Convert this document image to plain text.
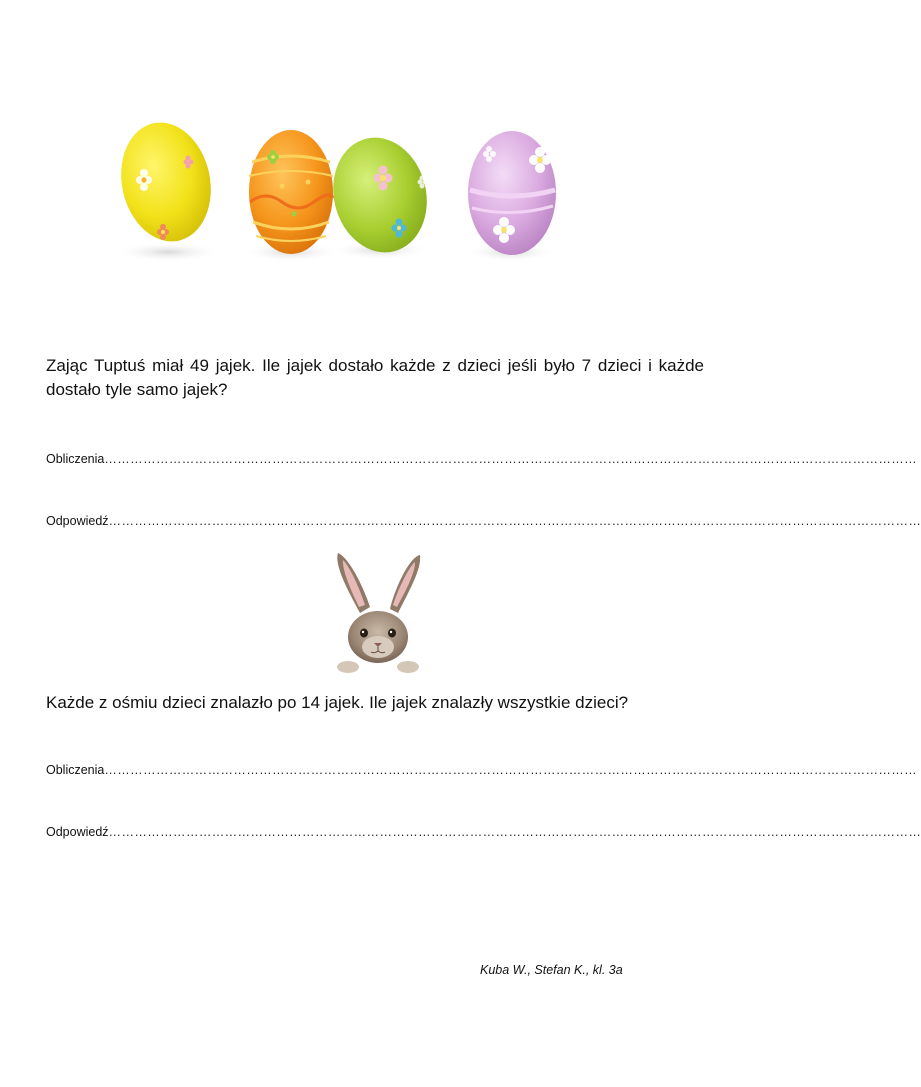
Zając Tuptuś miał 49 jajek. Ile jajek dostało każde z dzieci jeśli było 7 dzieci i każde dostało tyle samo jajek?

Obliczenia………………………………………………………………………………………………………………………………………………………………………

Odpowiedź………………………………………………………………………………………………………………………………………………………………………

Każde z ośmiu dzieci znalazło po 14 jajek. Ile jajek znalazły wszystkie dzieci?

Obliczenia………………………………………………………………………………………………………………………………………………………………………

Odpowiedź………………………………………………………………………………………………………………………………………………………………………

Kuba W., Stefan K., kl. 3a
